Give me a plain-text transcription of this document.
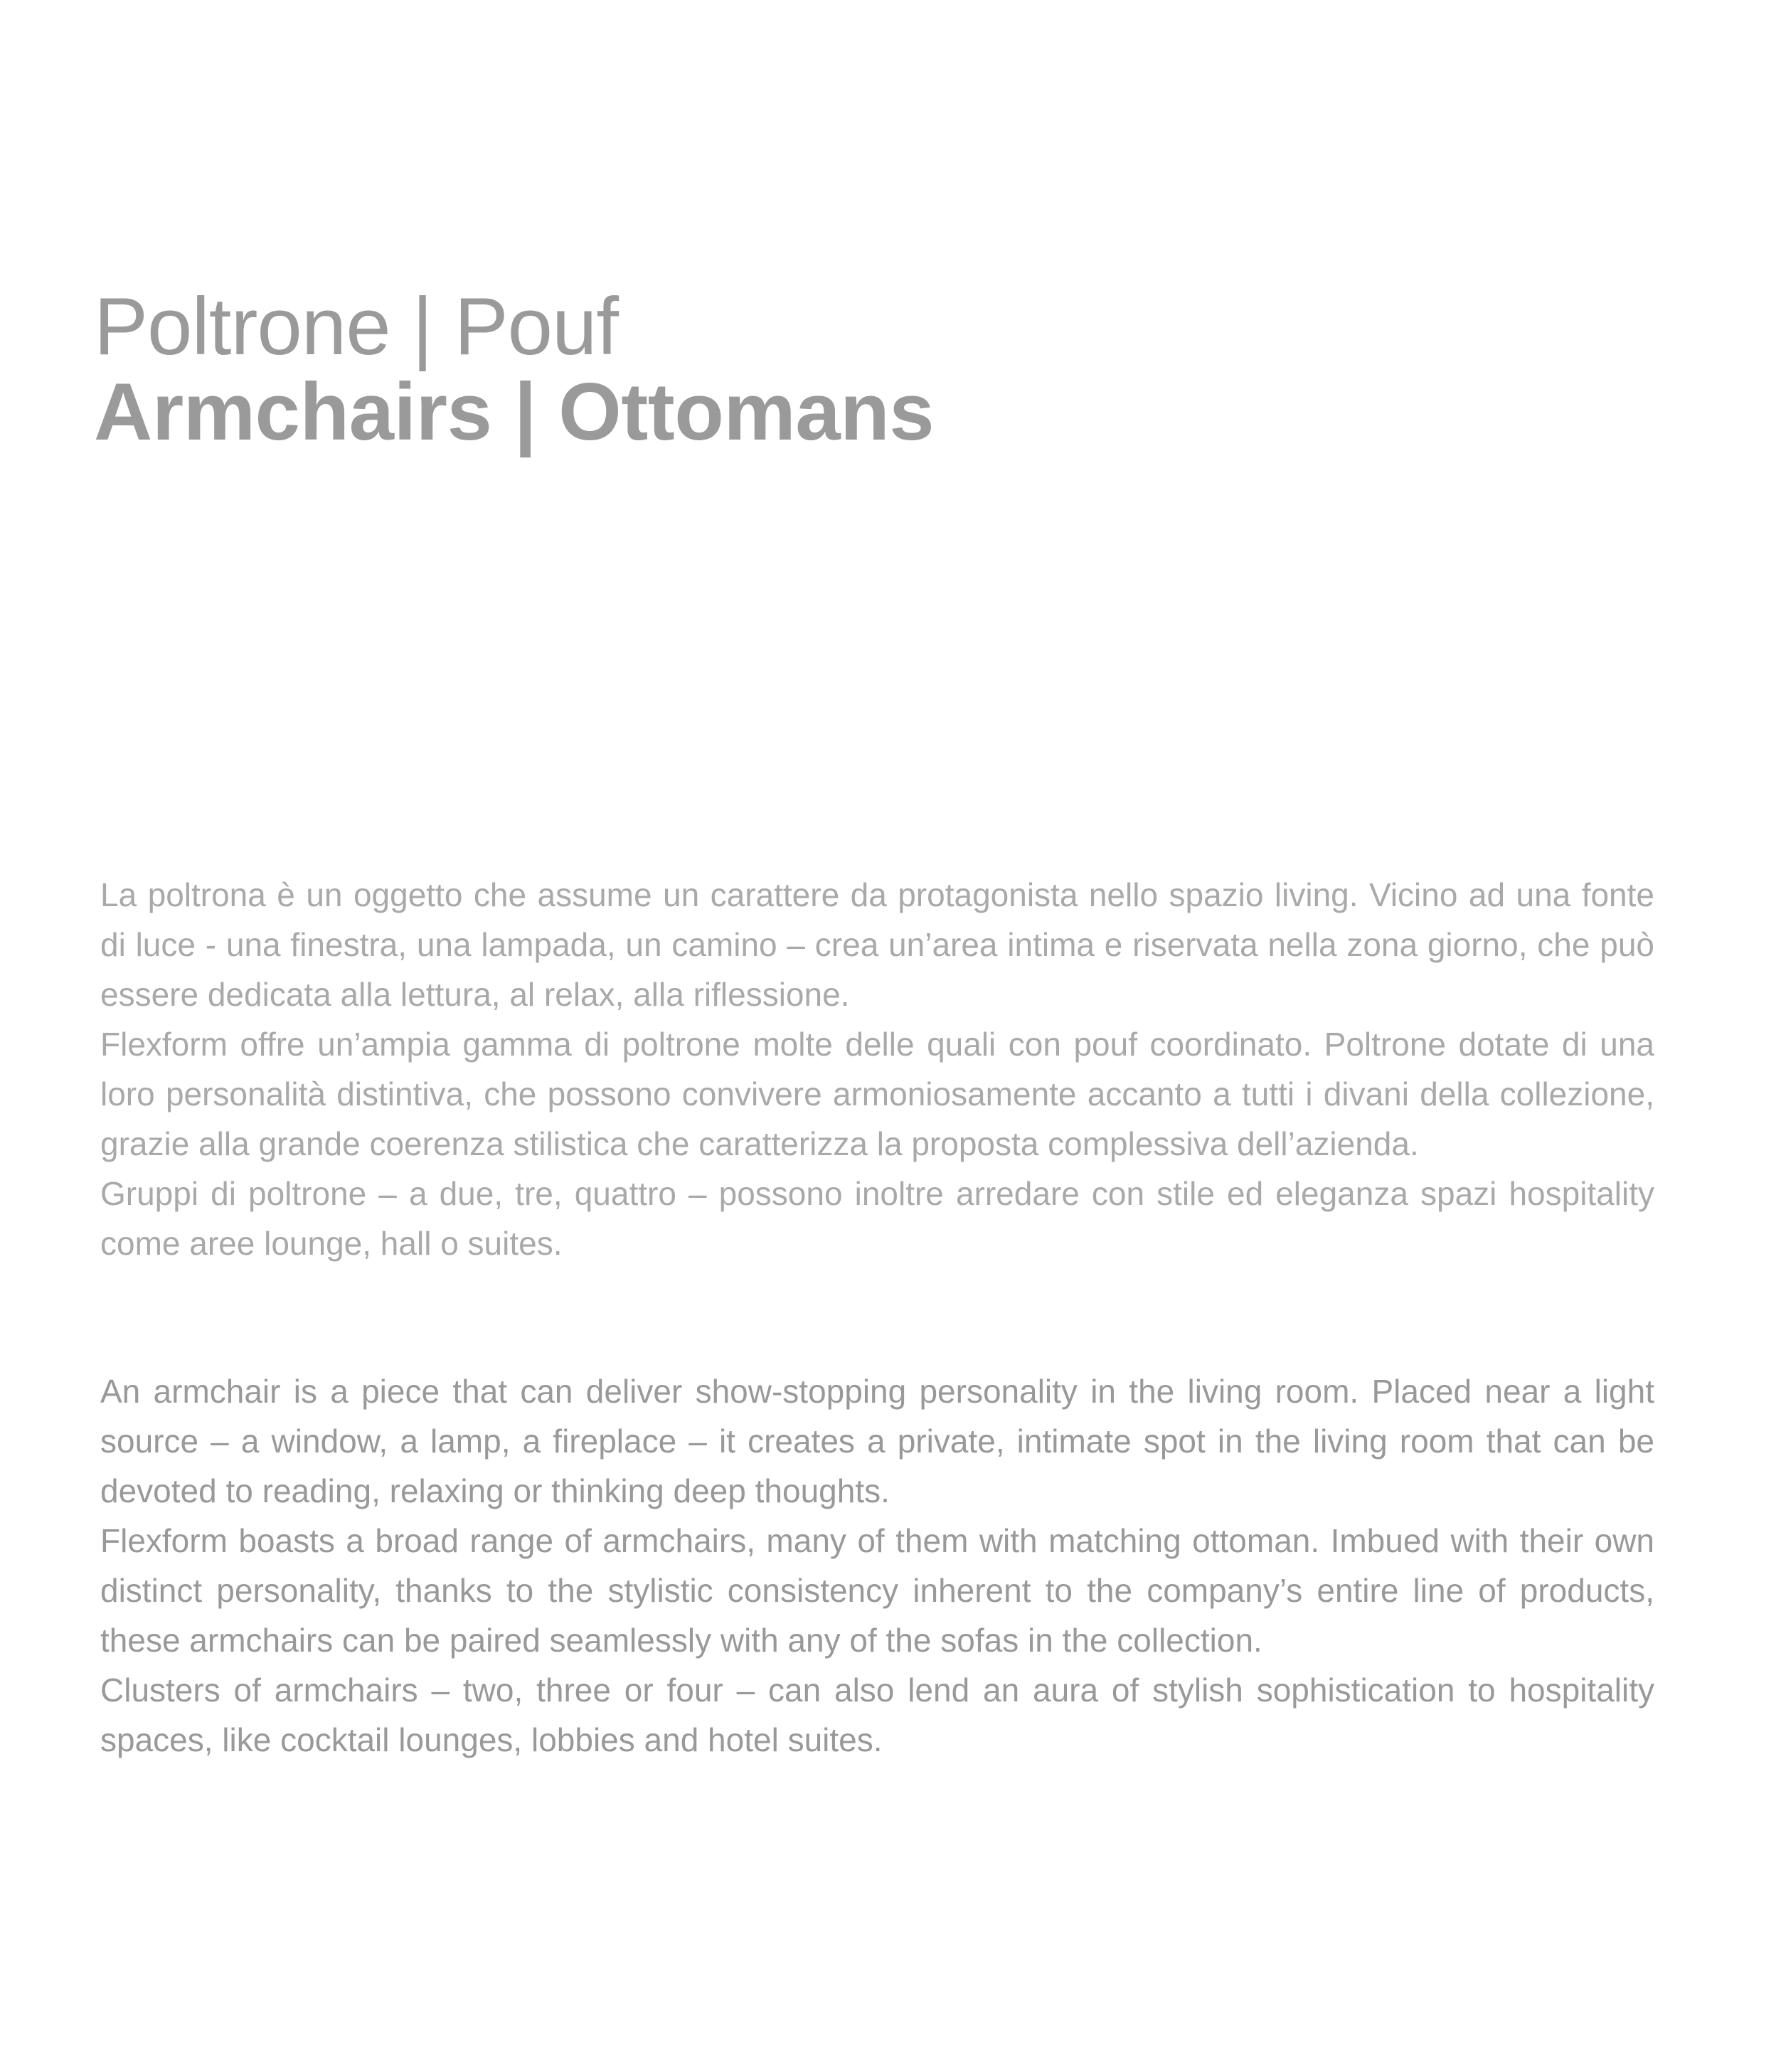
Poltrone | Pouf
Armchairs | Ottomans

La poltrona è un oggetto che assume un carattere da protagonista nello spazio living. Vicino ad una fonte di luce - una finestra, una lampada, un camino – crea un’area intima e riservata nella zona giorno, che può essere dedicata alla lettura, al relax, alla riflessione.

Flexform offre un’ampia gamma di poltrone molte delle quali con pouf coordinato. Poltrone dotate di una loro personalità distintiva, che possono convivere armoniosamente accanto a tutti i divani della collezione, grazie alla grande coerenza stilistica che caratterizza la proposta complessiva dell’azienda.

Gruppi di poltrone – a due, tre, quattro – possono inoltre arredare con stile ed eleganza spazi hospitality come aree lounge, hall o suites.

An armchair is a piece that can deliver show-stopping personality in the living room. Placed near a light source – a window, a lamp, a fireplace – it creates a private, intimate spot in the living room that can be devoted to reading, relaxing or thinking deep thoughts.

Flexform boasts a broad range of armchairs, many of them with matching ottoman. Imbued with their own distinct personality, thanks to the stylistic consistency inherent to the company’s entire line of products, these armchairs can be paired seamlessly with any of the sofas in the collection.

Clusters of armchairs – two, three or four – can also lend an aura of stylish sophistication to hospitality spaces, like cocktail lounges, lobbies and hotel suites.
